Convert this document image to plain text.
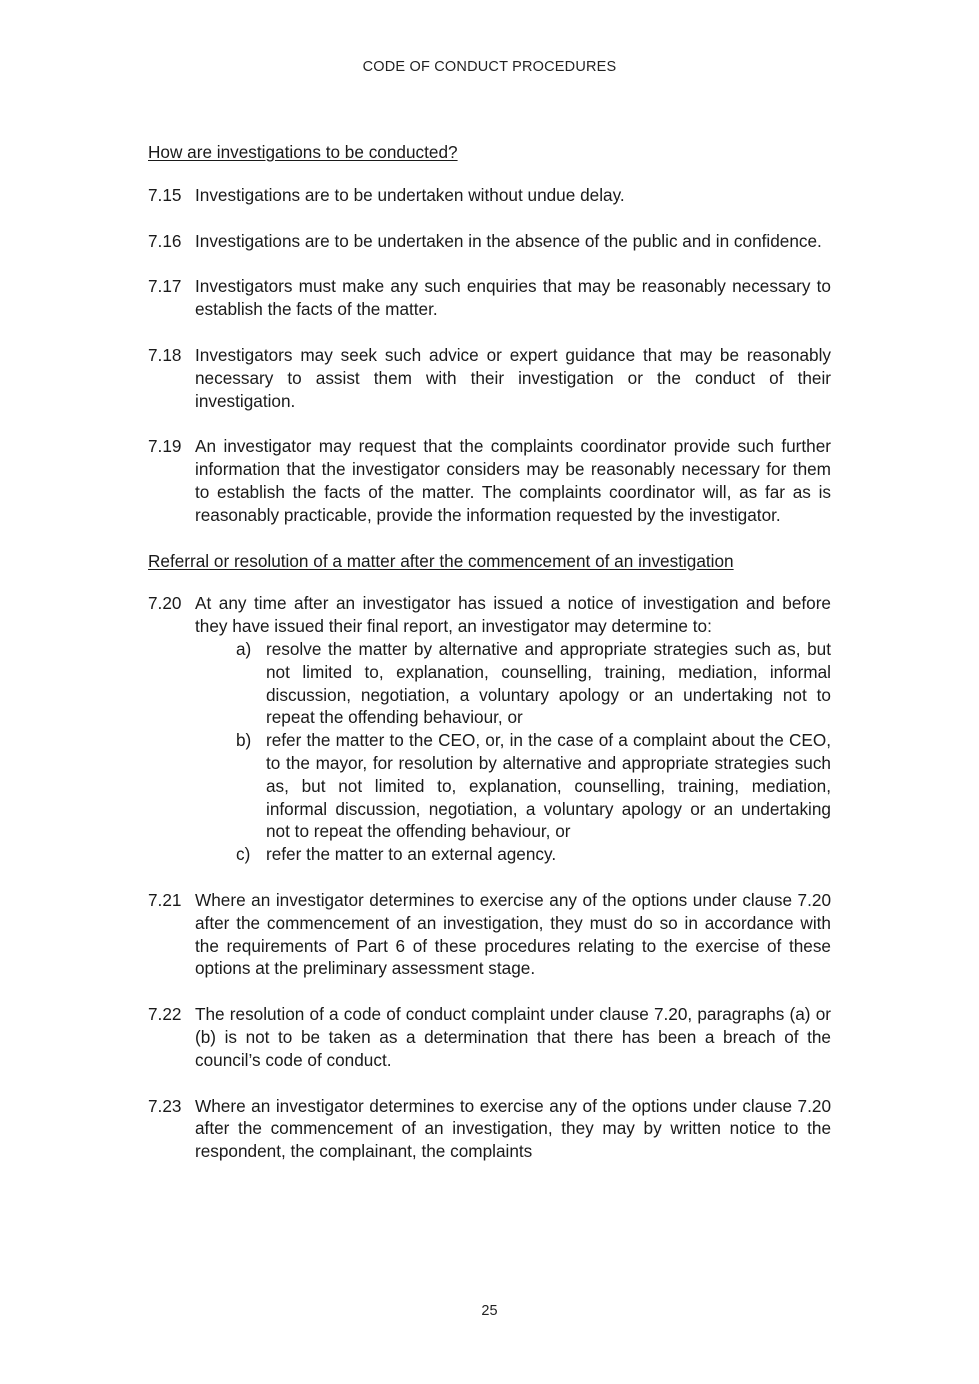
CODE OF CONDUCT PROCEDURES
How are investigations to be conducted?
7.15 Investigations are to be undertaken without undue delay.
7.16 Investigations are to be undertaken in the absence of the public and in confidence.
7.17 Investigators must make any such enquiries that may be reasonably necessary to establish the facts of the matter.
7.18 Investigators may seek such advice or expert guidance that may be reasonably necessary to assist them with their investigation or the conduct of their investigation.
7.19 An investigator may request that the complaints coordinator provide such further information that the investigator considers may be reasonably necessary for them to establish the facts of the matter. The complaints coordinator will, as far as is reasonably practicable, provide the information requested by the investigator.
Referral or resolution of a matter after the commencement of an investigation
7.20 At any time after an investigator has issued a notice of investigation and before they have issued their final report, an investigator may determine to:
a) resolve the matter by alternative and appropriate strategies such as, but not limited to, explanation, counselling, training, mediation, informal discussion, negotiation, a voluntary apology or an undertaking not to repeat the offending behaviour, or
b) refer the matter to the CEO, or, in the case of a complaint about the CEO, to the mayor, for resolution by alternative and appropriate strategies such as, but not limited to, explanation, counselling, training, mediation, informal discussion, negotiation, a voluntary apology or an undertaking not to repeat the offending behaviour, or
c) refer the matter to an external agency.
7.21 Where an investigator determines to exercise any of the options under clause 7.20 after the commencement of an investigation, they must do so in accordance with the requirements of Part 6 of these procedures relating to the exercise of these options at the preliminary assessment stage.
7.22 The resolution of a code of conduct complaint under clause 7.20, paragraphs (a) or (b) is not to be taken as a determination that there has been a breach of the council’s code of conduct.
7.23 Where an investigator determines to exercise any of the options under clause 7.20 after the commencement of an investigation, they may by written notice to the respondent, the complainant, the complaints
25
